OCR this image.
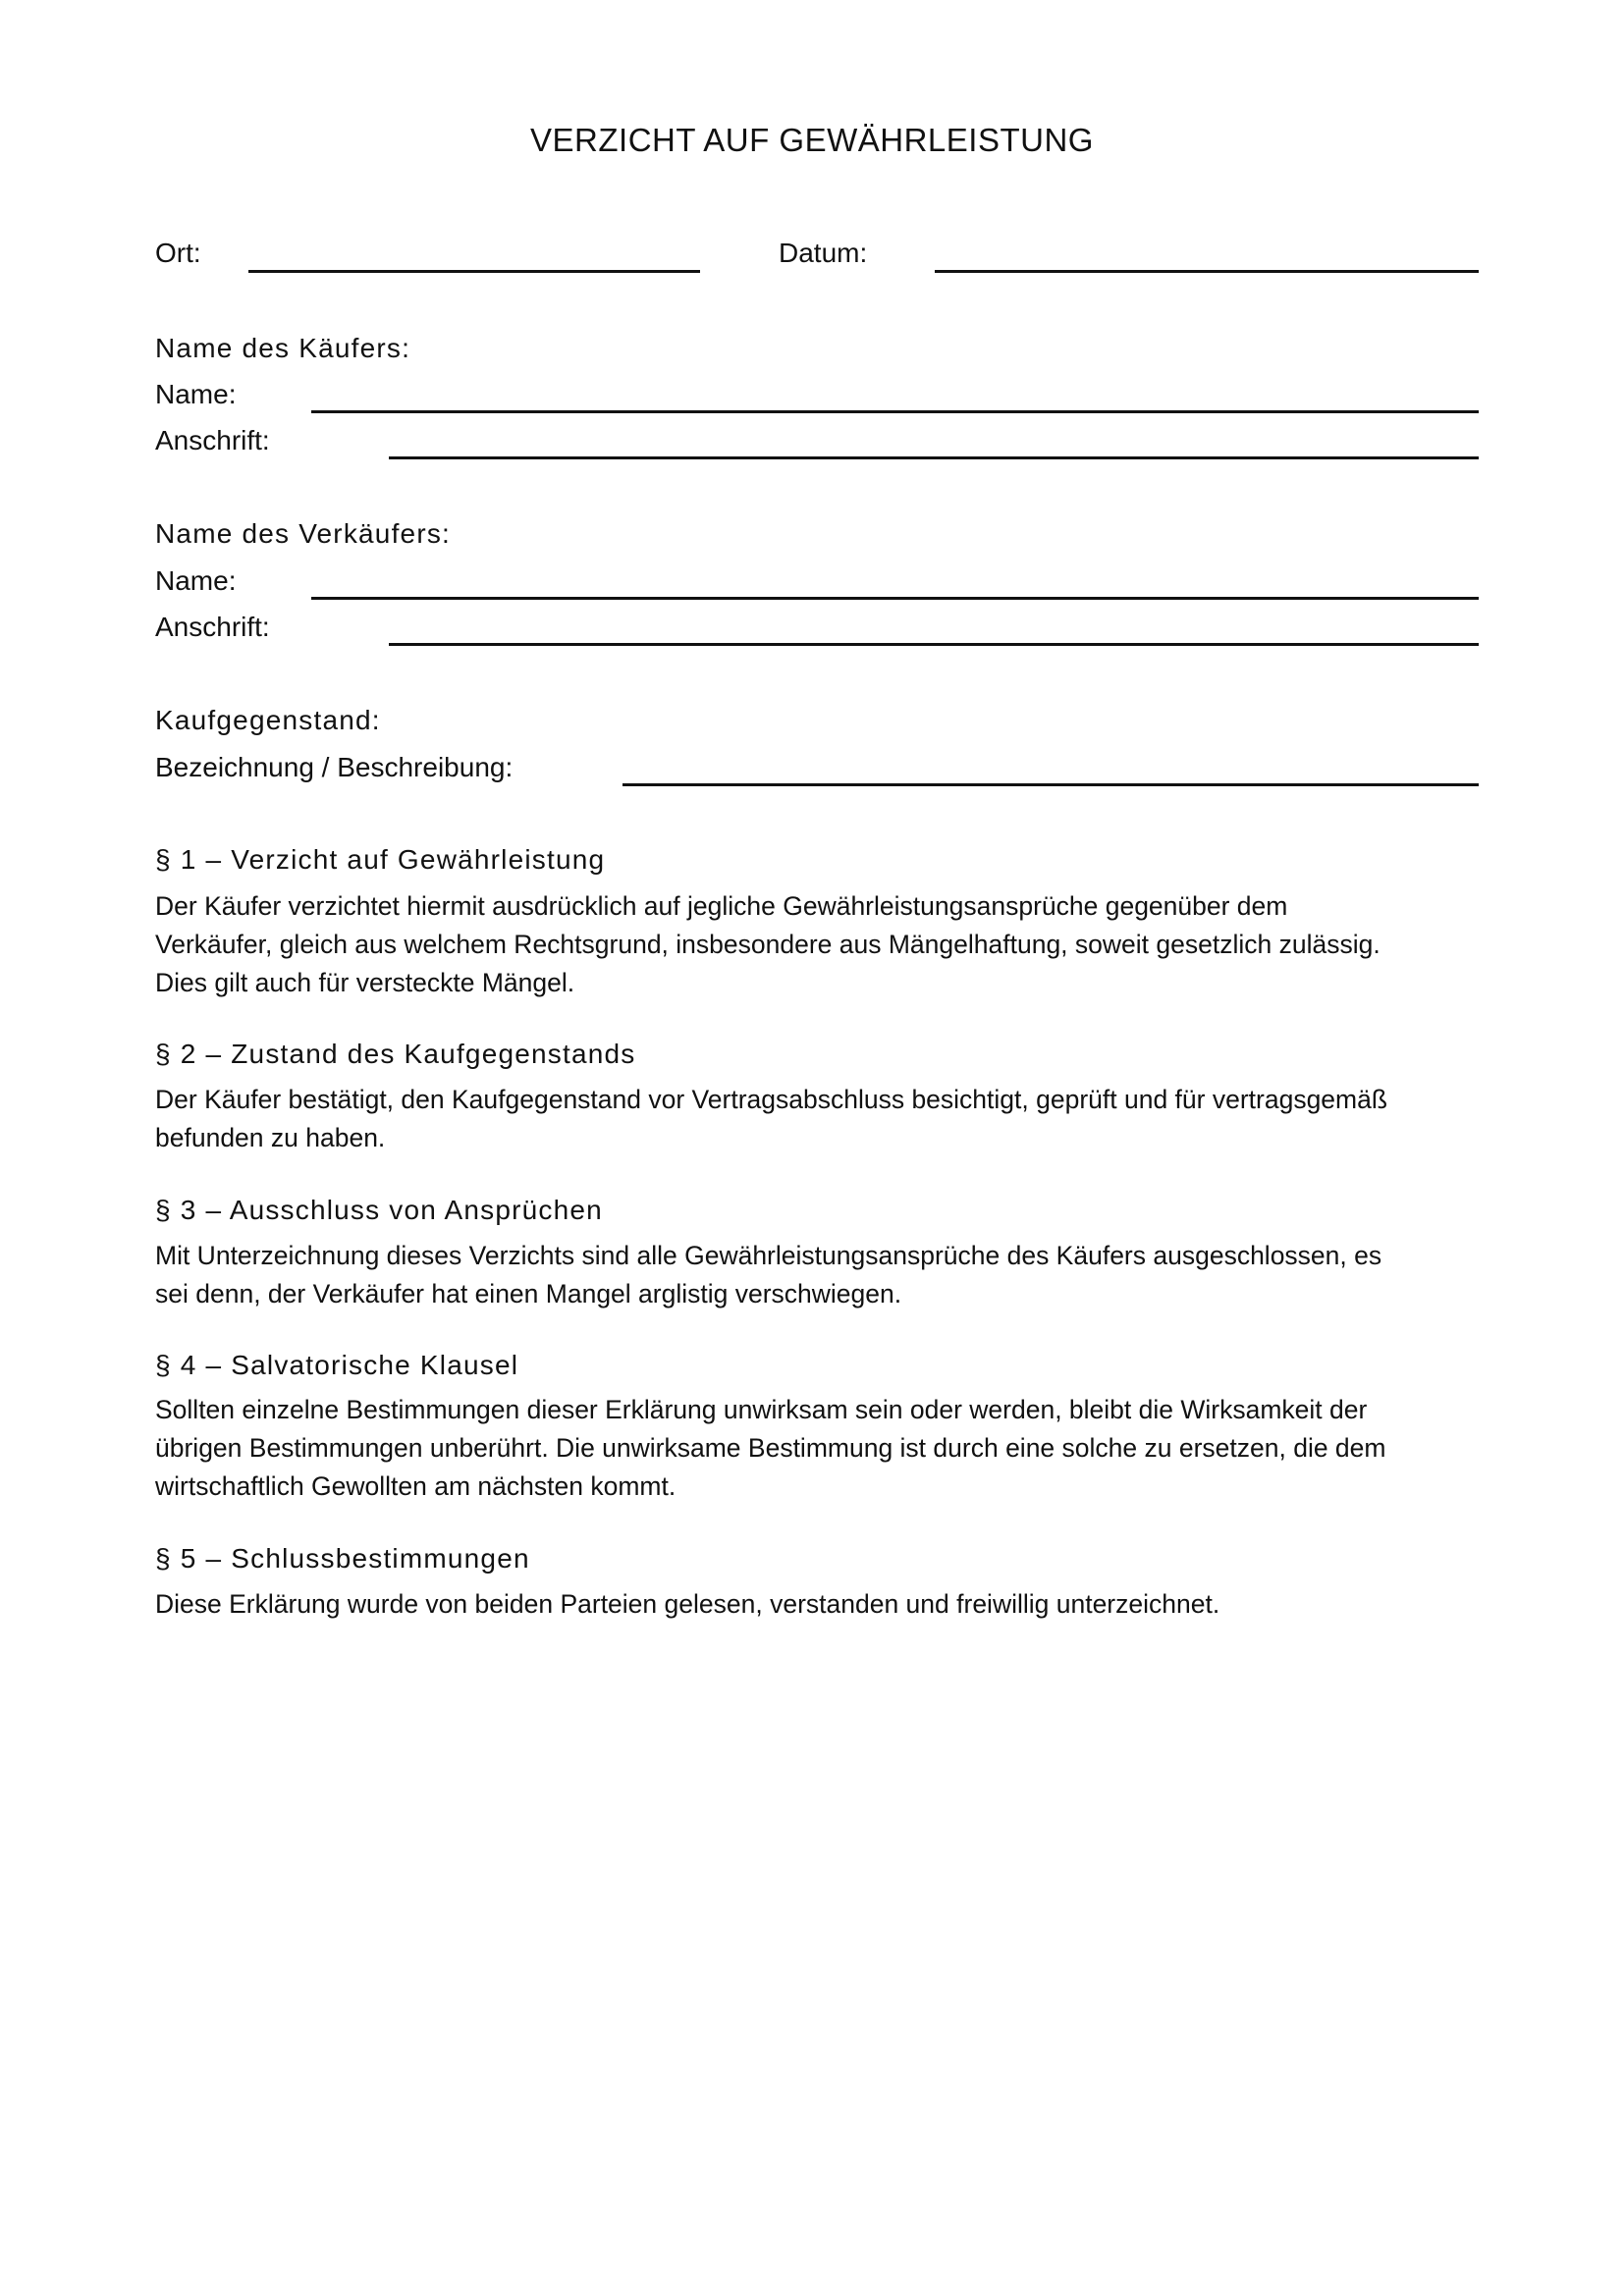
VERZICHT AUF GEWÄHRLEISTUNG
Ort:	Datum:
Name des Käufers:
Name:
Anschrift:
Name des Verkäufers:
Name:
Anschrift:
Kaufgegenstand:
Bezeichnung / Beschreibung:
§ 1 – Verzicht auf Gewährleistung
Der Käufer verzichtet hiermit ausdrücklich auf jegliche Gewährleistungsansprüche gegenüber dem
Verkäufer, gleich aus welchem Rechtsgrund, insbesondere aus Mängelhaftung, soweit gesetzlich zulässig.
Dies gilt auch für versteckte Mängel.
§ 2 – Zustand des Kaufgegenstands
Der Käufer bestätigt, den Kaufgegenstand vor Vertragsabschluss besichtigt, geprüft und für vertragsgemäß
befunden zu haben.
§ 3 – Ausschluss von Ansprüchen
Mit Unterzeichnung dieses Verzichts sind alle Gewährleistungsansprüche des Käufers ausgeschlossen, es
sei denn, der Verkäufer hat einen Mangel arglistig verschwiegen.
§ 4 – Salvatorische Klausel
Sollten einzelne Bestimmungen dieser Erklärung unwirksam sein oder werden, bleibt die Wirksamkeit der
übrigen Bestimmungen unberührt. Die unwirksame Bestimmung ist durch eine solche zu ersetzen, die dem
wirtschaftlich Gewollten am nächsten kommt.
§ 5 – Schlussbestimmungen
Diese Erklärung wurde von beiden Parteien gelesen, verstanden und freiwillig unterzeichnet.
